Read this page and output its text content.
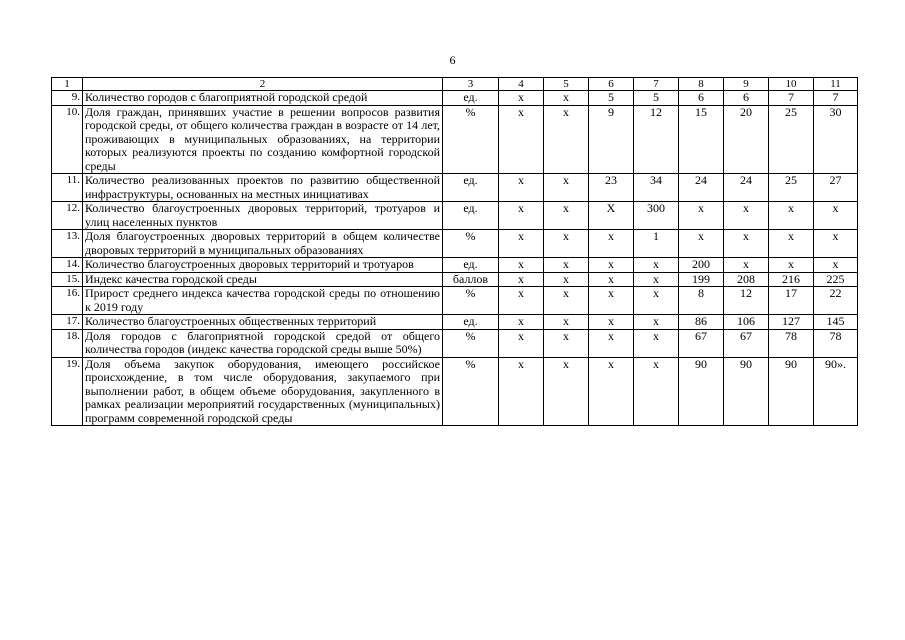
6
1	2	3	4	5	6	7	8	9	10	11
9.	Количество городов с благоприятной городской средой	ед.	х	х	5	5	6	6	7	7
10.	Доля граждан, принявших участие в решении вопросов развития городской среды, от общего количества граждан в возрасте от 14 лет, проживающих в муниципальных образованиях, на территории которых реализуются проекты по созданию комфортной городской среды	%	х	х	9	12	15	20	25	30
11.	Количество реализованных проектов по развитию общественной инфраструктуры, основанных на местных инициативах	ед.	х	х	23	34	24	24	25	27
12.	Количество благоустроенных дворовых территорий, тротуаров и улиц населенных пунктов	ед.	х	х	Х	300	х	х	х	х
13.	Доля благоустроенных дворовых территорий в общем количестве дворовых территорий в муниципальных образованиях	%	х	х	х	1	х	х	х	х
14.	Количество благоустроенных дворовых территорий и тротуаров	ед.	х	х	х	х	200	х	х	х
15.	Индекс качества городской среды	баллов	х	х	х	х	199	208	216	225
16.	Прирост среднего индекса качества городской среды по отношению к 2019 году	%	х	х	х	х	8	12	17	22
17.	Количество благоустроенных общественных территорий	ед.	х	х	х	х	86	106	127	145
18.	Доля городов с благоприятной городской средой от общего количества городов (индекс качества городской среды выше 50%)	%	х	х	х	х	67	67	78	78
19.	Доля объема закупок оборудования, имеющего российское происхождение, в том числе оборудования, закупаемого при выполнении работ, в общем объеме оборудования, закупленного в рамках реализации мероприятий государственных (муниципальных) программ современной городской среды	%	х	х	х	х	90	90	90	90».
